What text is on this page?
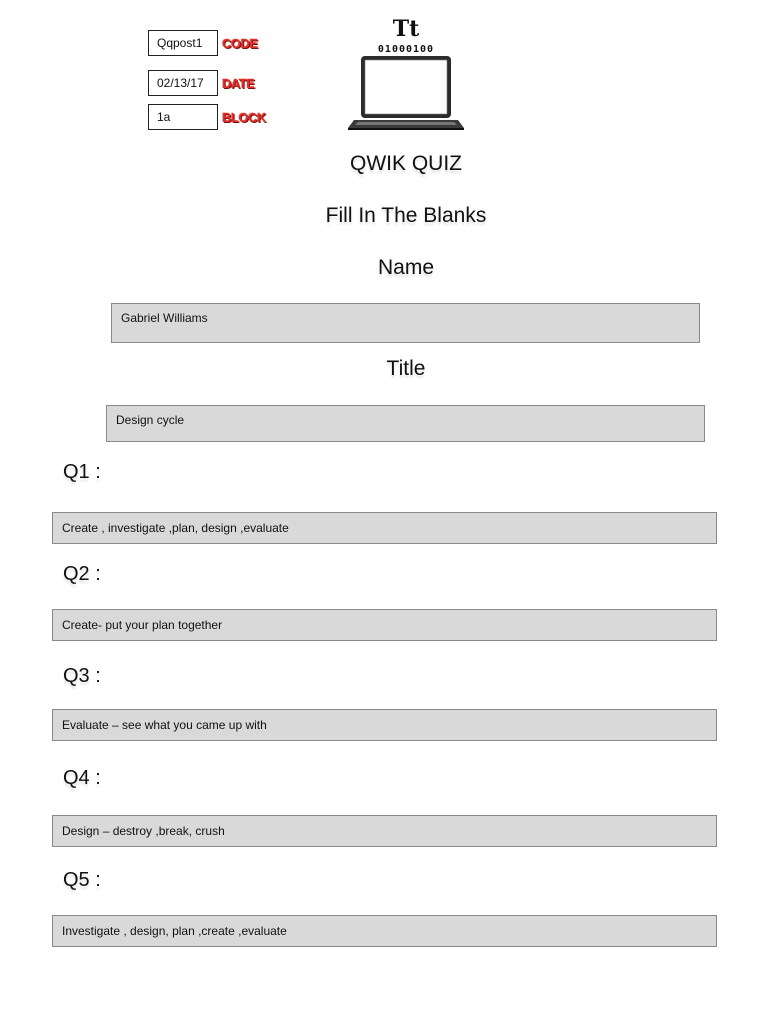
Qqpost1	CODE
02/13/17	DATE
1a	BLOCK
Tt
01000100
QWIK QUIZ
Fill In The Blanks
Name
Gabriel Williams
Title
Design cycle
Q1 :
Create , investigate ,plan, design ,evaluate
Q2 :
Create- put your plan together
Q3 :
Evaluate – see what you came up with
Q4 :
Design – destroy ,break, crush
Q5 :
Investigate , design, plan ,create ,evaluate
